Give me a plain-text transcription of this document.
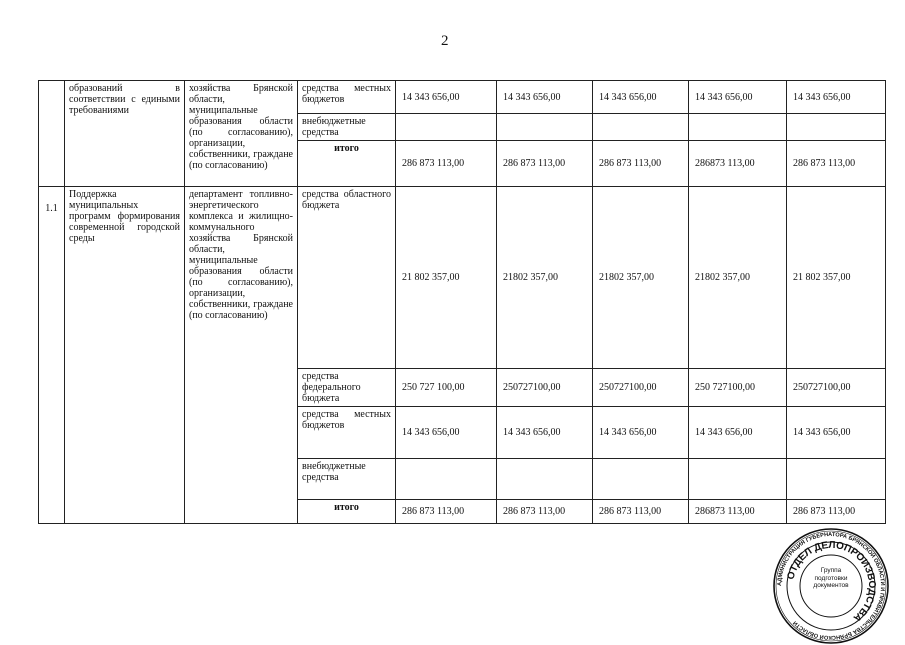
2
	образований в соответствии с едиными требованиями	хозяйства Брянской области, муниципальные образования области (по согласованию), организации, собственники, граждане (по согласованию)	средства местных бюджетов	14 343 656,00	14 343 656,00	14 343 656,00	14 343 656,00	14 343 656,00
			внебюджетные средства					
			итого	286 873 113,00	286 873 113,00	286 873 113,00	286873 113,00	286 873 113,00
1.1	Поддержка муниципальных программ формирования современной городской среды	департамент топливно-энергетического комплекса и жилищно-коммунального хозяйства Брянской области, муниципальные образования области (по согласованию), организации, собственники, граждане (по согласованию)	средства областного бюджета	21 802 357,00	21802 357,00	21802 357,00	21802 357,00	21 802 357,00
			средства федерального бюджета	250 727 100,00	250727100,00	250727100,00	250 727100,00	250727100,00
			средства местных бюджетов	14 343 656,00	14 343 656,00	14 343 656,00	14 343 656,00	14 343 656,00
			внебюджетные средства					
			итого	286 873 113,00	286 873 113,00	286 873 113,00	286873 113,00	286 873 113,00
АДМИНИСТРАЦИЯ ГУБЕРНАТОРА БРЯНСКОЙ ОБЛАСТИ И ПРАВИТЕЛЬСТВА БРЯНСКОЙ ОБЛАСТИ
ОТДЕЛ ДЕЛОПРОИЗВОДСТВА
Группа подготовки документов
